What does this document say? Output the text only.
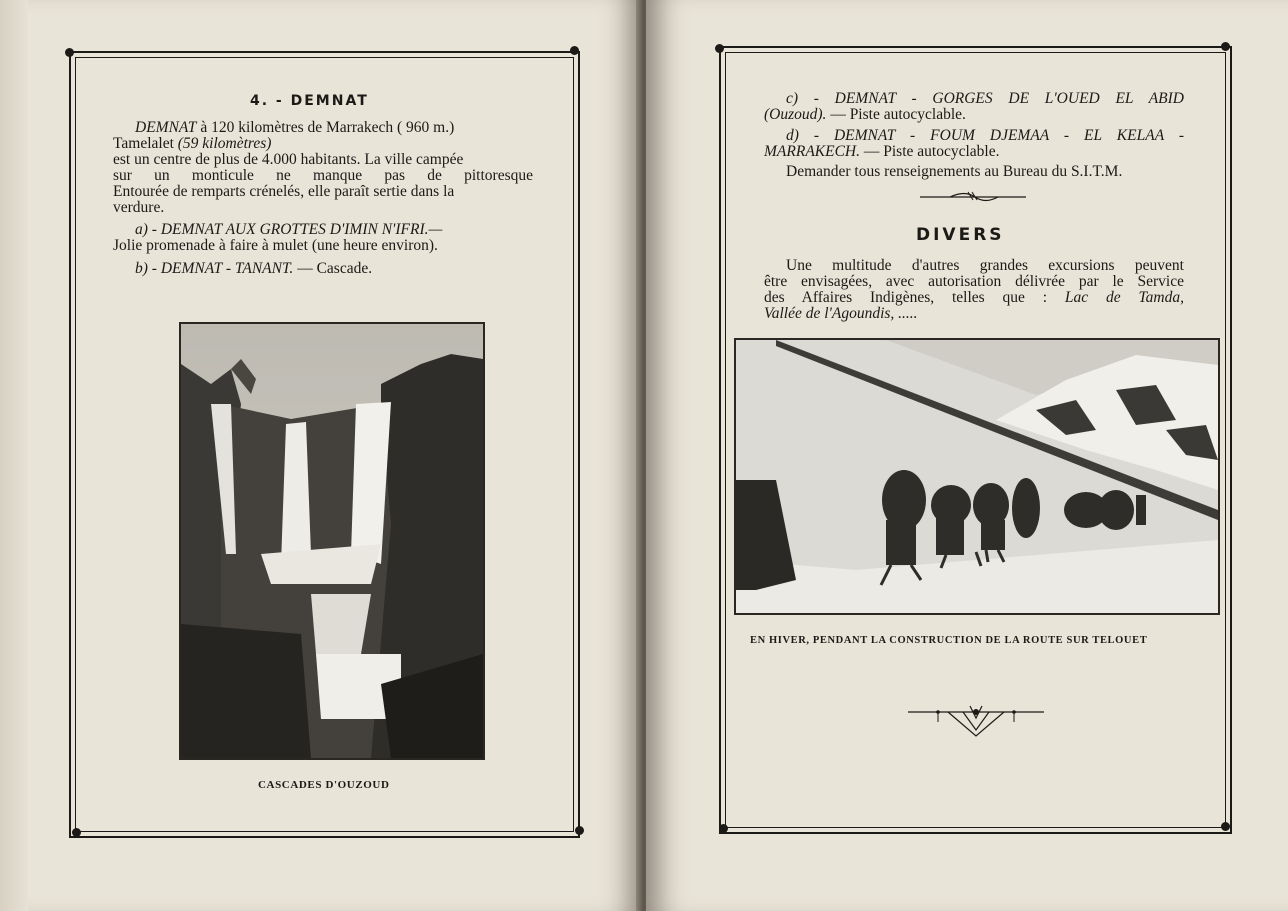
4. - DEMNAT

DEMNAT à 120 kilomètres de Marrakech ( 960 m.)

Tamelalet (59 kilomètres)

est un centre de plus de 4.000 habitants. La ville campée

sur un monticule ne manque pas de pittoresque

Entourée de remparts crénelés, elle paraît sertie dans la

verdure.

a) - DEMNAT AUX GROTTES D'IMIN N'IFRI.—

Jolie promenade à faire à mulet (une heure environ).

b) - DEMNAT - TANANT. — Cascade.

CASCADES D'OUZOUD

c) - DEMNAT - GORGES DE L'OUED EL ABID

(Ouzoud). — Piste autocyclable.

d) - DEMNAT - FOUM DJEMAA - EL KELAA -

MARRAKECH. — Piste autocyclable.

Demander tous renseignements au Bureau du S.I.T.M.

DIVERS

Une multitude d'autres grandes excursions peuvent

être envisagées, avec autorisation délivrée par le Service

des Affaires Indigènes, telles que : Lac de Tamda,

Vallée de l'Agoundis, .....

EN HIVER, PENDANT LA CONSTRUCTION DE LA ROUTE SUR TELOUET
